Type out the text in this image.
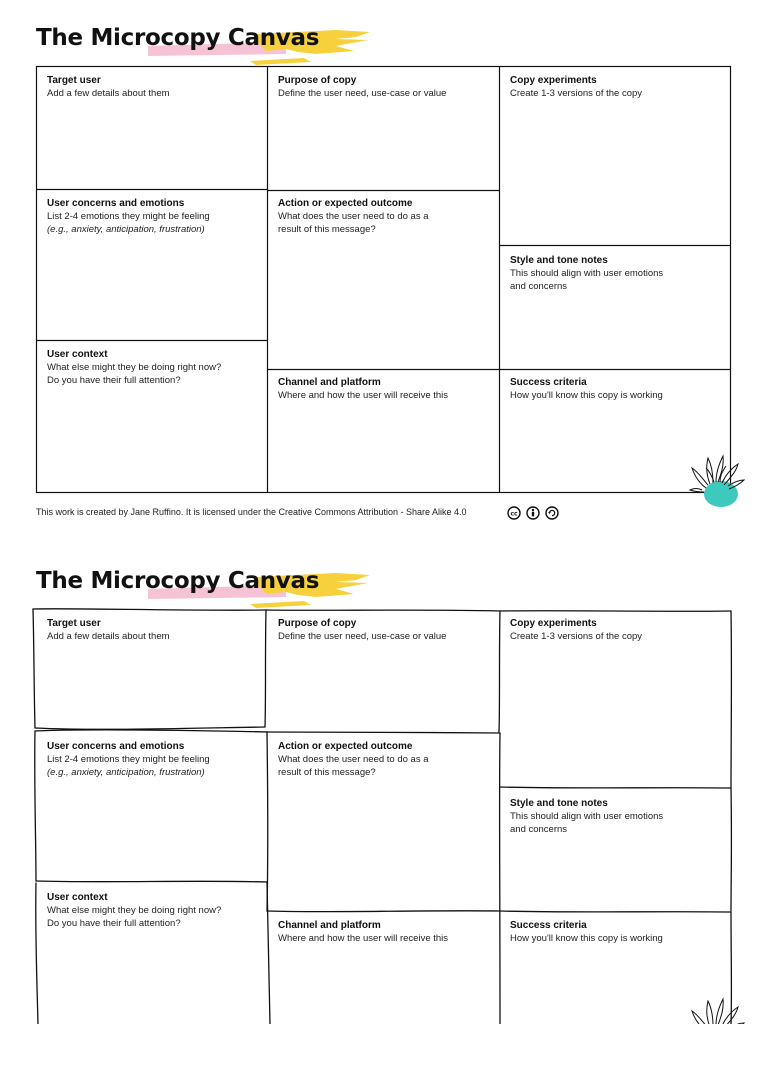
The Microcopy Canvas
Target user
Add a few details about them
Purpose of copy
Define the user need, use-case or value
Copy experiments
Create 1-3 versions of the copy
User concerns and emotions
List 2-4 emotions they might be feeling
(e.g., anxiety, anticipation, frustration)
Action or expected outcome
What does the user need to do as a
result of this message?
Style and tone notes
This should align with user emotions
and concerns
User context
What else might they be doing right now?
Do you have their full attention?	Channel and platform
Where and how the user will receive this
Success criteria
How you'll know this copy is working
This work is created by Jane Ruffino. It is licensed under the Creative Commons Attribution - Share Alike 4.0	cc
The Microcopy Canvas
Target user
Add a few details about them
Purpose of copy
Define the user need, use-case or value
Copy experiments
Create 1-3 versions of the copy
User concerns and emotions
List 2-4 emotions they might be feeling
(e.g., anxiety, anticipation, frustration)
Action or expected outcome
What does the user need to do as a
result of this message?
Style and tone notes
This should align with user emotions
and concerns
User context
What else might they be doing right now?
Do you have their full attention?	Channel and platform
Where and how the user will receive this
Success criteria
How you'll know this copy is working
